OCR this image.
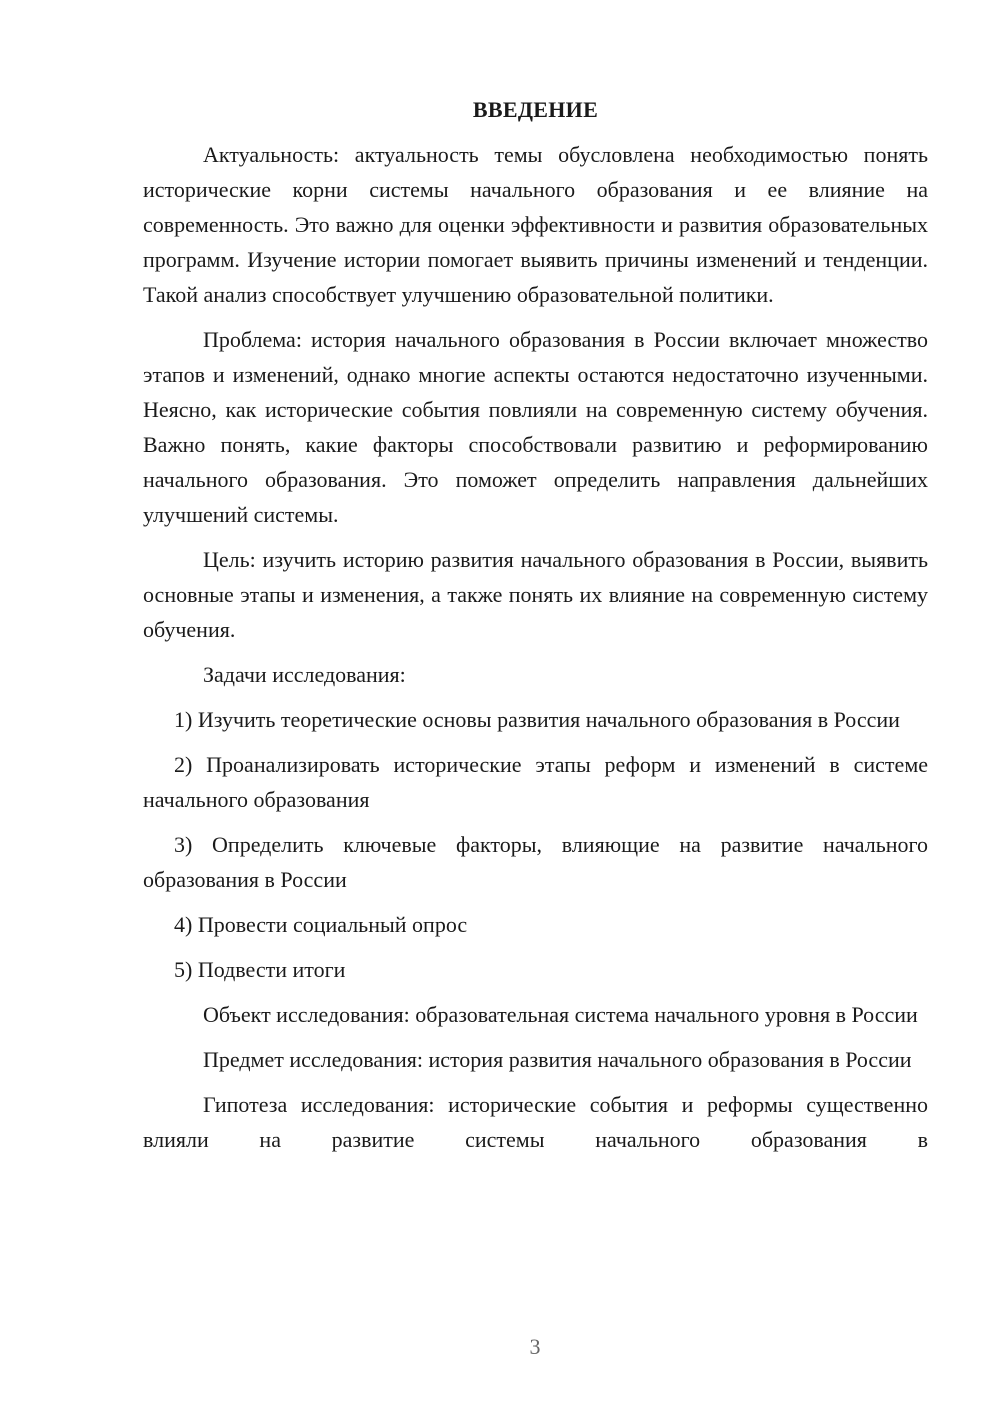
ВВЕДЕНИЕ

Актуальность: актуальность темы обусловлена необходимостью понять исторические корни системы начального образования и ее влияние на современность. Это важно для оценки эффективности и развития образовательных программ. Изучение истории помогает выявить причины изменений и тенденции. Такой анализ способствует улучшению образовательной политики.

Проблема: история начального образования в России включает множество этапов и изменений, однако многие аспекты остаются недостаточно изученными. Неясно, как исторические события повлияли на современную систему обучения. Важно понять, какие факторы способствовали развитию и реформированию начального образования. Это поможет определить направления дальнейших улучшений системы.

Цель: изучить историю развития начального образования в России, выявить основные этапы и изменения, а также понять их влияние на современную систему обучения.

Задачи исследования:

1) Изучить теоретические основы развития начального образования в России

2) Проанализировать исторические этапы реформ и изменений в системе начального образования

3) Определить ключевые факторы, влияющие на развитие начального образования в России

4) Провести социальный опрос

5) Подвести итоги

Объект исследования: образовательная система начального уровня в России

Предмет исследования: история развития начального образования в России

Гипотеза исследования: исторические события и реформы существенно влияли на развитие системы начального образования в

3
